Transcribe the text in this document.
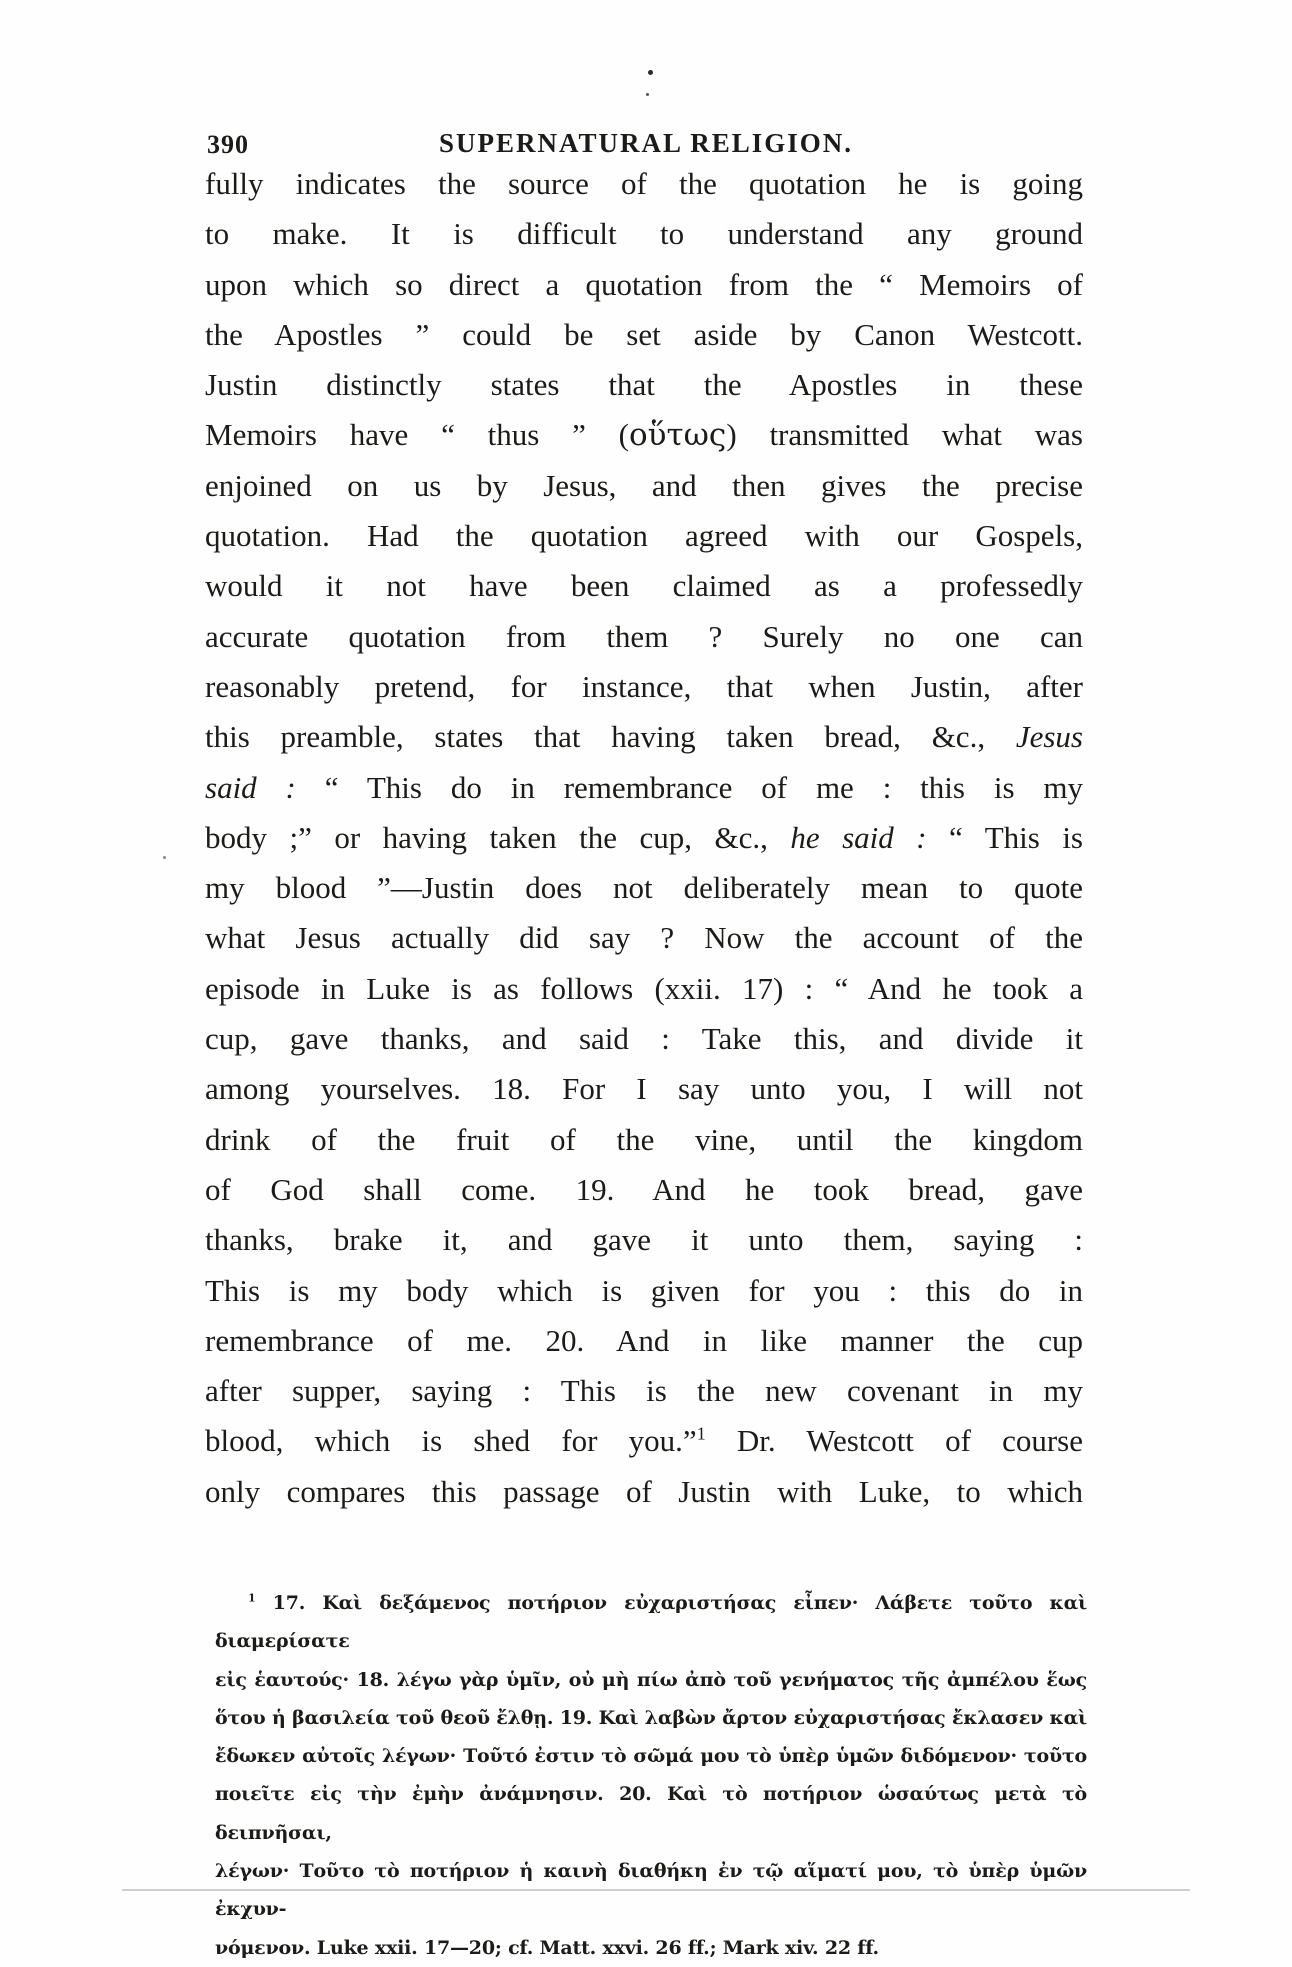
390	SUPERNATURAL RELIGION.
fully indicates the source of the quotation he is going
to make. It is difficult to understand any ground
upon which so direct a quotation from the “ Memoirs of
the Apostles ” could be set aside by Canon Westcott.
Justin distinctly states that the Apostles in these
Memoirs have “ thus ” (οὕτως) transmitted what was
enjoined on us by Jesus, and then gives the precise
quotation. Had the quotation agreed with our Gospels,
would it not have been claimed as a professedly
accurate quotation from them ? Surely no one can
reasonably pretend, for instance, that when Justin, after
this preamble, states that having taken bread, &c., Jesus
said : “ This do in remembrance of me : this is my
body ;” or having taken the cup, &c., he said : “ This is
my blood ”—Justin does not deliberately mean to quote
what Jesus actually did say ? Now the account of the
episode in Luke is as follows (xxii. 17) : “ And he took a
cup, gave thanks, and said : Take this, and divide it
among yourselves. 18. For I say unto you, I will not
drink of the fruit of the vine, until the kingdom
of God shall come. 19. And he took bread, gave
thanks, brake it, and gave it unto them, saying :
This is my body which is given for you : this do in
remembrance of me. 20. And in like manner the cup
after supper, saying : This is the new covenant in my
blood, which is shed for you.”$^1$ Dr. Westcott of course
only compares this passage of Justin with Luke, to which
$^1$ 17. Καὶ δεξάμενος ποτήριον εὐχαριστήσας εἶπεν· Λάβετε τοῦτο καὶ διαμερίσατε
εἰς ἑαυτούς· 18. λέγω γὰρ ὑμῖν, οὐ μὴ πίω ἀπὸ τοῦ γενήματος τῆς ἀμπέλου ἕως
ὅτου ἡ βασιλεία τοῦ θεοῦ ἔλθῃ. 19. Καὶ λαβὼν ἄρτον εὐχαριστήσας ἔκλασεν καὶ
ἔδωκεν αὐτοῖς λέγων· Τοῦτό ἐστιν τὸ σῶμά μου τὸ ὑπὲρ ὑμῶν διδόμενον· τοῦτο
ποιεῖτε εἰς τὴν ἐμὴν ἀνάμνησιν. 20. Καὶ τὸ ποτήριον ὡσαύτως μετὰ τὸ δειπνῆσαι,
λέγων· Τοῦτο τὸ ποτήριον ἡ καινὴ διαθήκη ἐν τῷ αἵματί μου, τὸ ὑπὲρ ὑμῶν ἐκχυν-
νόμενον. Luke xxii. 17—20; cf. Matt. xxvi. 26 ff.; Mark xiv. 22 ff.
